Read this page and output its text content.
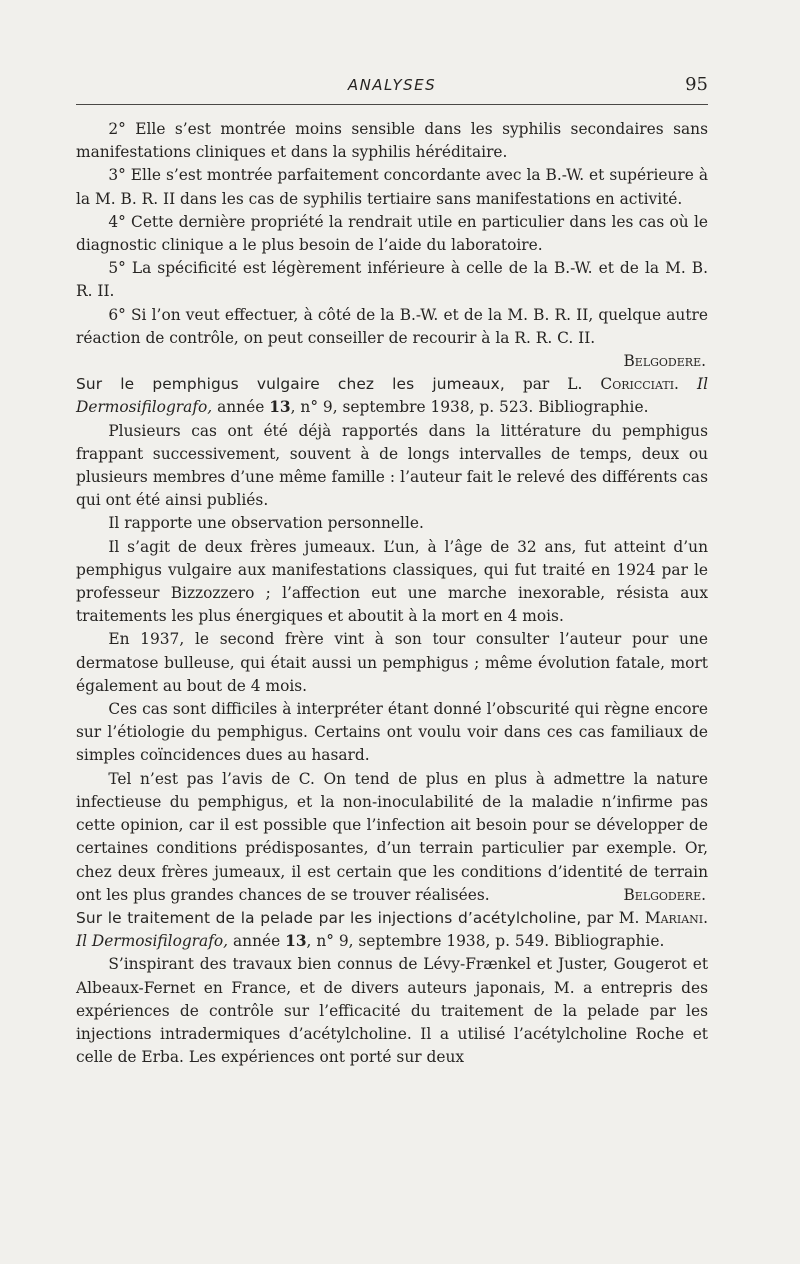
ANALYSES	95

2° Elle s’est montrée moins sensible dans les syphilis secondaires sans manifestations cliniques et dans la syphilis héréditaire.

3° Elle s’est montrée parfaitement concordante avec la B.-W. et supérieure à la M. B. R. II dans les cas de syphilis tertiaire sans manifestations en activité.

4° Cette dernière propriété la rendrait utile en particulier dans les cas où le diagnostic clinique a le plus besoin de l’aide du laboratoire.

5° La spécificité est légèrement inférieure à celle de la B.-W. et de la M. B. R. II.

6° Si l’on veut effectuer, à côté de la B.-W. et de la M. B. R. II, quelque autre réaction de contrôle, on peut conseiller de recourir à la R. R. C. II.

Belgodere.

Sur le pemphigus vulgaire chez les jumeaux, par L. Coricciati. Il Dermosifilografo, année 13, n° 9, septembre 1938, p. 523. Bibliographie.

Plusieurs cas ont été déjà rapportés dans la littérature du pemphigus frappant successivement, souvent à de longs intervalles de temps, deux ou plusieurs membres d’une même famille : l’auteur fait le relevé des différents cas qui ont été ainsi publiés.

Il rapporte une observation personnelle.

Il s’agit de deux frères jumeaux. L’un, à l’âge de 32 ans, fut atteint d’un pemphigus vulgaire aux manifestations classiques, qui fut traité en 1924 par le professeur Bizzozzero ; l’affection eut une marche inexorable, résista aux traitements les plus énergiques et aboutit à la mort en 4 mois.

En 1937, le second frère vint à son tour consulter l’auteur pour une dermatose bulleuse, qui était aussi un pemphigus ; même évolution fatale, mort également au bout de 4 mois.

Ces cas sont difficiles à interpréter étant donné l’obscurité qui règne encore sur l’étiologie du pemphigus. Certains ont voulu voir dans ces cas familiaux de simples coïncidences dues au hasard.

Tel n’est pas l’avis de C. On tend de plus en plus à admettre la nature infectieuse du pemphigus, et la non-inoculabilité de la maladie n’infirme pas cette opinion, car il est possible que l’infection ait besoin pour se développer de certaines conditions prédisposantes, d’un terrain particulier par exemple. Or, chez deux frères jumeaux, il est certain que les conditions d’identité de terrain ont les plus grandes chances de se trouver réalisées.	Belgodere.

Sur le traitement de la pelade par les injections d’acétylcholine, par M. Mariani. Il Dermosifilografo, année 13, n° 9, septembre 1938, p. 549. Bibliographie.

S’inspirant des travaux bien connus de Lévy-Frænkel et Juster, Gougerot et Albeaux-Fernet en France, et de divers auteurs japonais, M. a entrepris des expériences de contrôle sur l’efficacité du traitement de la pelade par les injections intradermiques d’acétylcholine. Il a utilisé l’acétylcholine Roche et celle de Erba. Les expériences ont porté sur deux
